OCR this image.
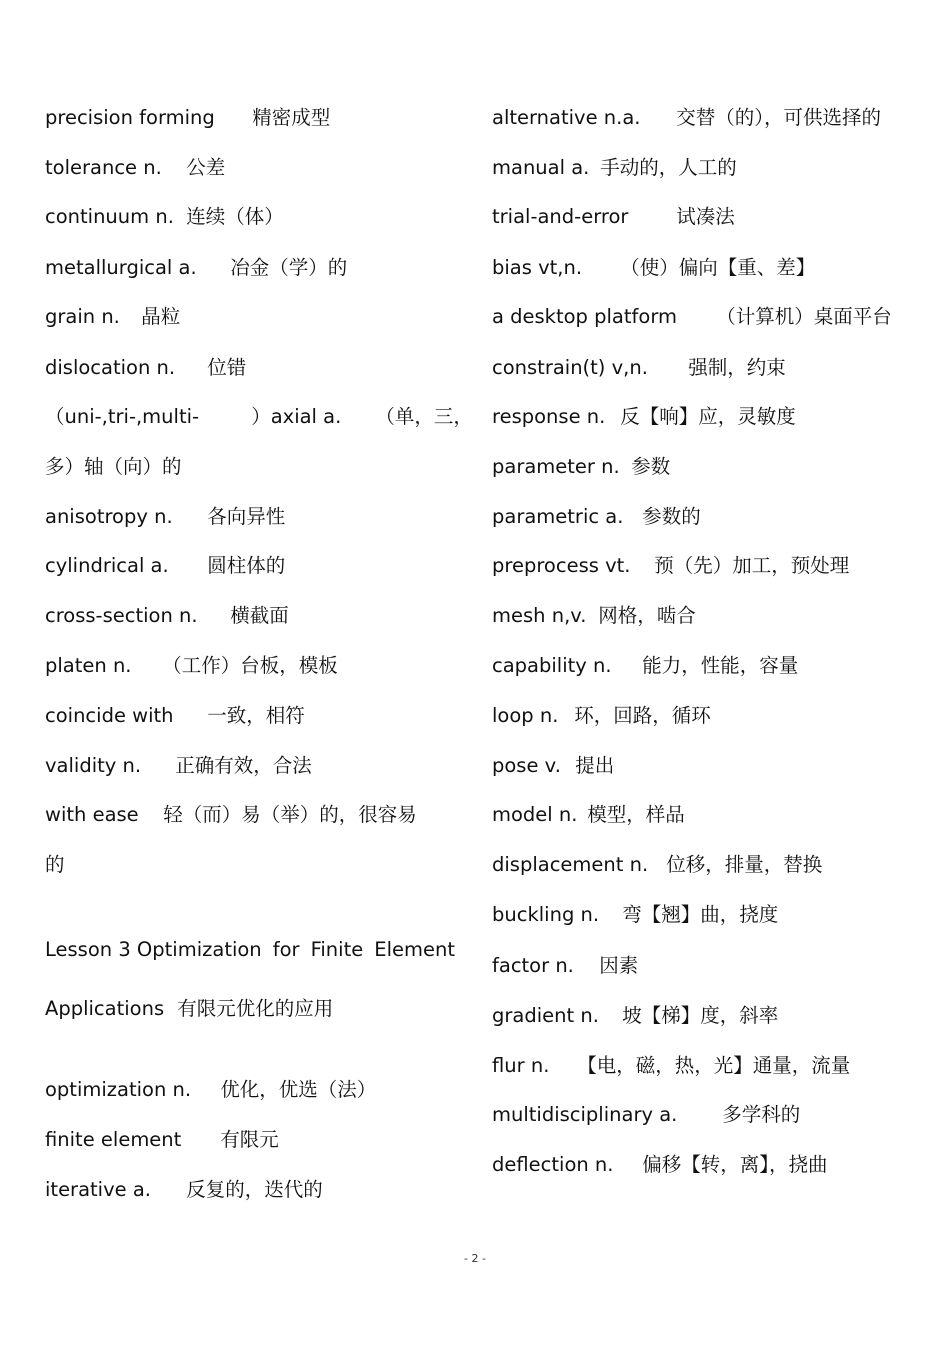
precision forming 精密成型
tolerance n. 公差
continuum n. 连续（体）
metallurgical a. 冶金（学）的
grain n. 晶粒
dislocation n. 位错
（uni-,tri-,multi-	）axial a. （单，三，
多）轴（向）的
anisotropy n. 各向异性
cylindrical a. 圆柱体的
cross-section n. 横截面
platen n. （工作）台板，模板
coincide with 一致，相符
validity n. 正确有效，合法
with ease 轻（而）易（举）的，很容易
的
Lesson 3 Optimization for Finite Element
Applications 有限元优化的应用
optimization n. 优化，优选（法）
finite element 有限元
iterative a. 反复的，迭代的
alternative n.a. 交替（的），可供选择的
manual a. 手动的，人工的
trial-and-error 试凑法
bias vt,n. （使）偏向【重、差】
a desktop platform （计算机）桌面平台
constrain(t) v,n. 强制，约束
response n. 反【响】应，灵敏度
parameter n. 参数
parametric a. 参数的
preprocess vt. 预（先）加工，预处理
mesh n,v. 网格，啮合
capability n. 能力，性能，容量
loop n. 环，回路，循环
pose v. 提出
model n. 模型，样品
displacement n. 位移，排量，替换
buckling n. 弯【翘】曲，挠度
factor n. 因素
gradient n. 坡【梯】度，斜率
flur n. 【电，磁，热，光】通量，流量
multidisciplinary a. 多学科的
deflection n. 偏移【转，离】，挠曲
- 2 -
